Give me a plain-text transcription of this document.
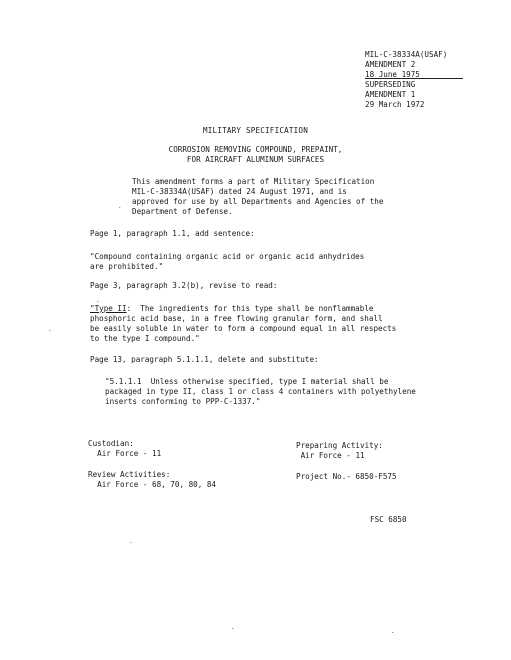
MIL-C-38334A(USAF)
AMENDMENT 2
18 June 1975
SUPERSEDING
AMENDMENT 1
29 March 1972
MILITARY SPECIFICATION
CORROSION REMOVING COMPOUND, PREPAINT,
FOR AIRCRAFT ALUMINUM SURFACES
This amendment forms a part of Military Specification
MIL-C-38334A(USAF) dated 24 August 1971, and is
approved for use by all Departments and Agencies of the
Department of Defense.
Page 1, paragraph 1.1, add sentence:
"Compound containing organic acid or organic acid anhydrides
are prohibited."
Page 3, paragraph 3.2(b), revise to read:
"Type II:  The ingredients for this type shall be nonflammable
phosphoric acid base, in a free flowing granular form, and shall
be easily soluble in water to form a compound equal in all respects
to the type I compound."
Page 13, paragraph 5.1.1.1, delete and substitute:
"5.1.1.1  Unless otherwise specified, type I material shall be
packaged in type II, class 1 or class 4 containers with polyethylene
inserts conforming to PPP-C-1337."
Custodian:
Air Force - 11
Review Activities:
Air Force - 68, 70, 80, 84
Preparing Activity:
Air Force - 11
Project No.- 6850-F575
FSC 6850
.
.
.
.
.
.
